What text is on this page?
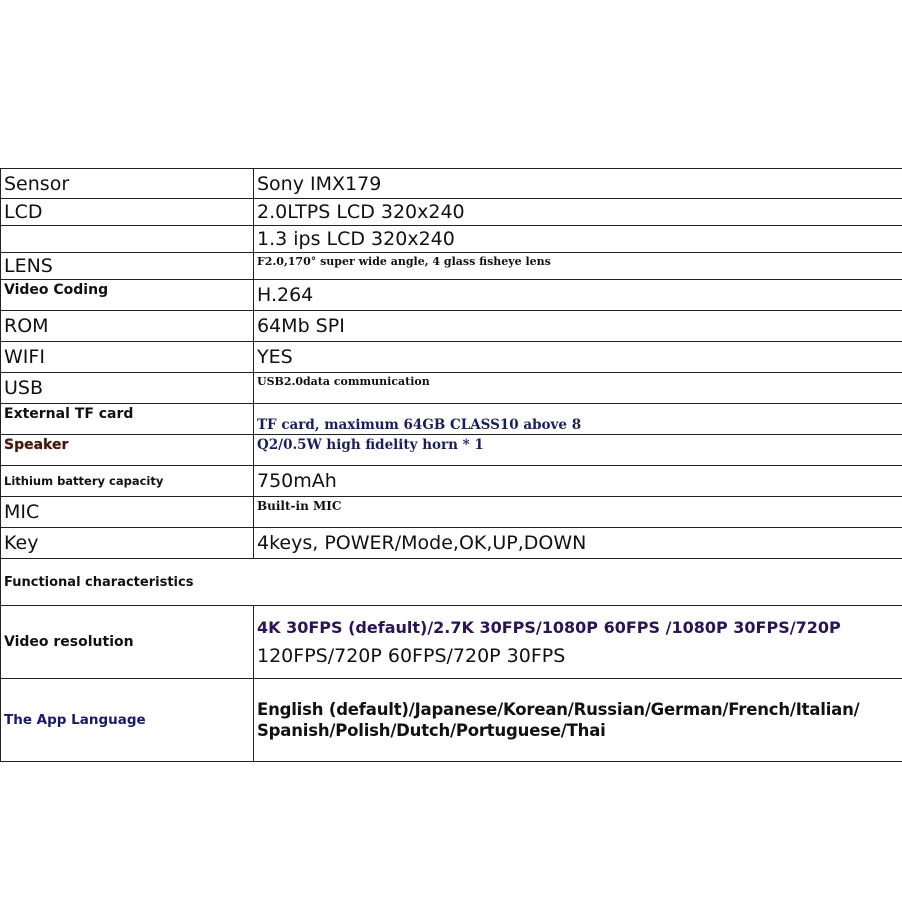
Sensor	Sony IMX179
LCD	2.0LTPS LCD 320x240
	1.3 ips LCD 320x240
LENS	F2.0,170° super wide angle, 4 glass fisheye lens
Video Coding	H.264
ROM	64Mb SPI
WIFI	YES
USB	USB2.0data communication
External TF card	TF card, maximum 64GB CLASS10 above 8
Speaker	Q2/0.5W high fidelity horn * 1
Lithium battery capacity	750mAh
MIC	Built-in MIC
Key	4keys, POWER/Mode,OK,UP,DOWN
Functional characteristics	
Video resolution	4K 30FPS (default)/2.7K 30FPS/1080P 60FPS /1080P 30FPS/720P
120FPS/720P 60FPS/720P 30FPS

The App Language	English (default)/Japanese/Korean/Russian/German/French/Italian/
Spanish/Polish/Dutch/Portuguese/Thai
